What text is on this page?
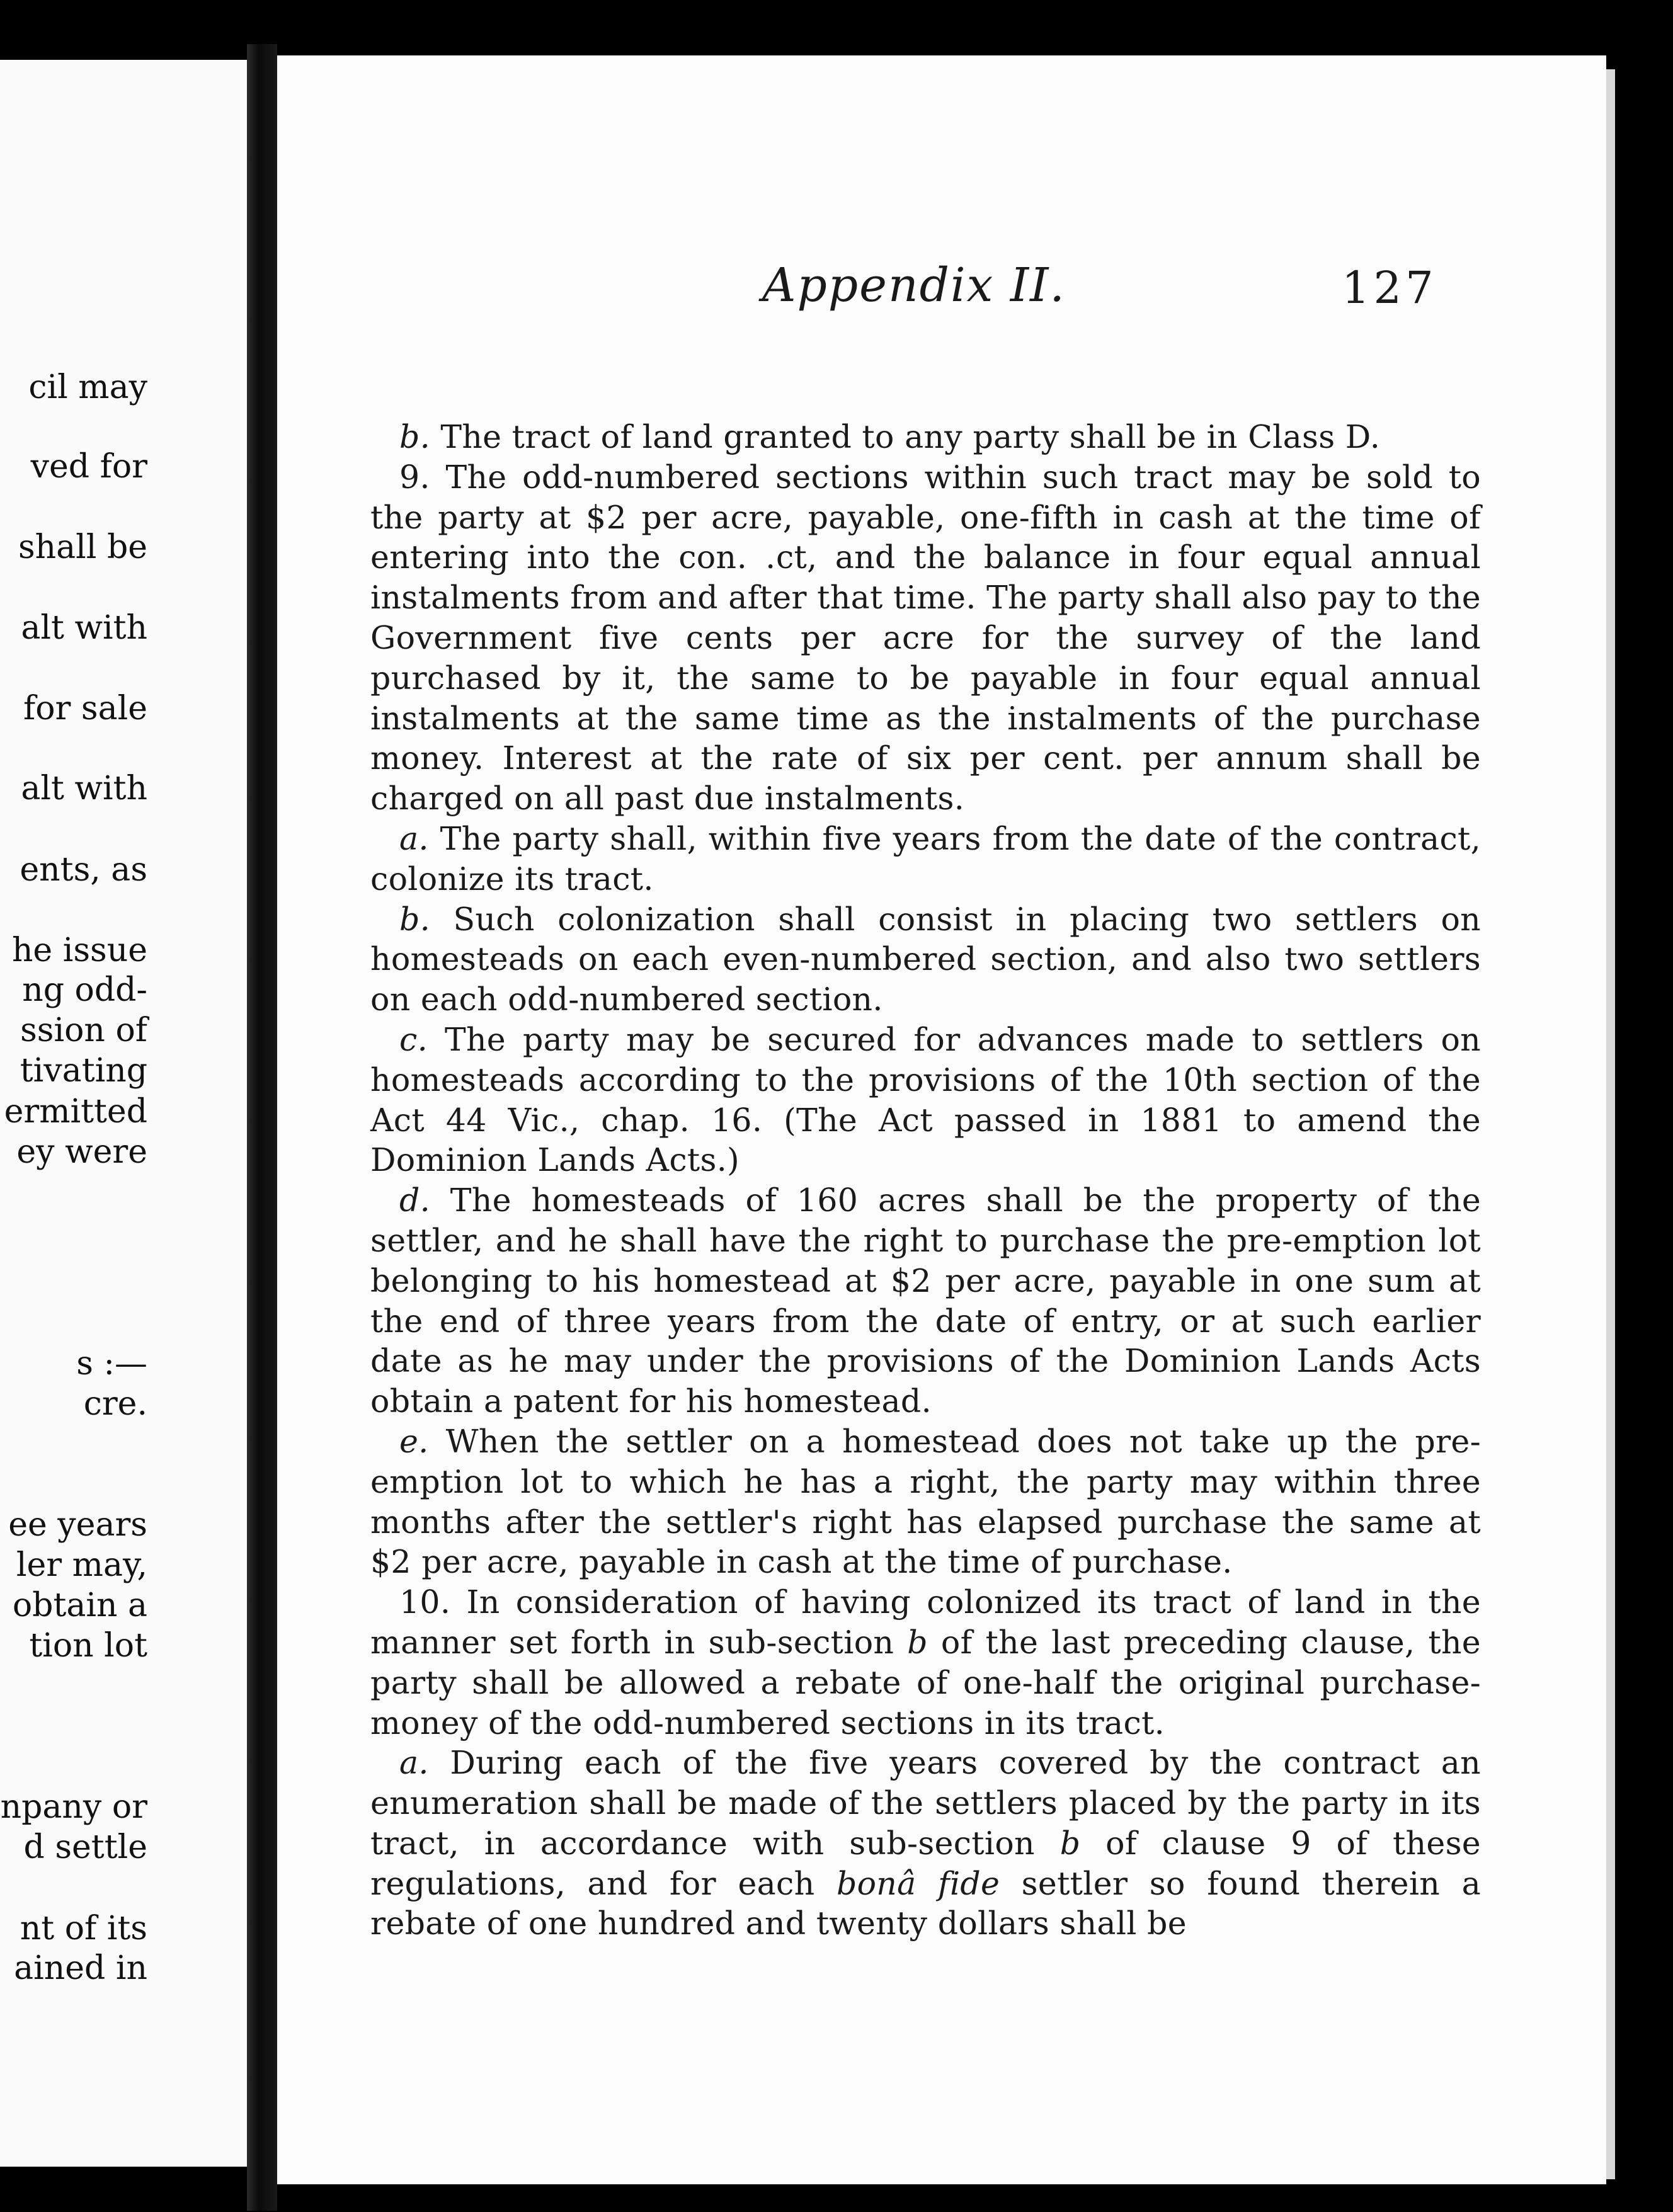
cil may
ved for
shall be
alt with
for sale
alt with
ents, as
he issue
ng odd-
ssion of
tivating
ermitted
ey were
s :—
cre.
ee years
ler may,
obtain a
tion lot
npany or
d settle
nt of its
ained in
Appendix II.	127

b. The tract of land granted to any party shall be in Class D.

9. The odd-numbered sections within such tract may be sold to the party at $2 per acre, payable, one-fifth in cash at the time of entering into the con․ ․ct, and the balance in four equal annual instalments from and after that time. The party shall also pay to the Government five cents per acre for the survey of the land purchased by it, the same to be payable in four equal annual instalments at the same time as the instalments of the purchase money. Interest at the rate of six per cent. per annum shall be charged on all past due instalments.

a. The party shall, within five years from the date of the contract, colonize its tract.

b. Such colonization shall consist in placing two settlers on homesteads on each even-numbered section, and also two settlers on each odd-numbered section.

c. The party may be secured for advances made to settlers on homesteads according to the provisions of the 10th section of the Act 44 Vic., chap. 16. (The Act passed in 1881 to amend the Dominion Lands Acts.)

d. The homesteads of 160 acres shall be the property of the settler, and he shall have the right to purchase the pre-emption lot belonging to his homestead at $2 per acre, payable in one sum at the end of three years from the date of entry, or at such earlier date as he may under the provisions of the Dominion Lands Acts obtain a patent for his homestead.

e. When the settler on a homestead does not take up the pre-emption lot to which he has a right, the party may within three months after the settler's right has elapsed purchase the same at $2 per acre, payable in cash at the time of purchase.

10. In consideration of having colonized its tract of land in the manner set forth in sub-section b of the last preceding clause, the party shall be allowed a rebate of one-half the original purchase-money of the odd-numbered sections in its tract.

a. During each of the five years covered by the contract an enumeration shall be made of the settlers placed by the party in its tract, in accordance with sub-section b of clause 9 of these regulations, and for each bonâ fide settler so found therein a rebate of one hundred and twenty dollars shall be
